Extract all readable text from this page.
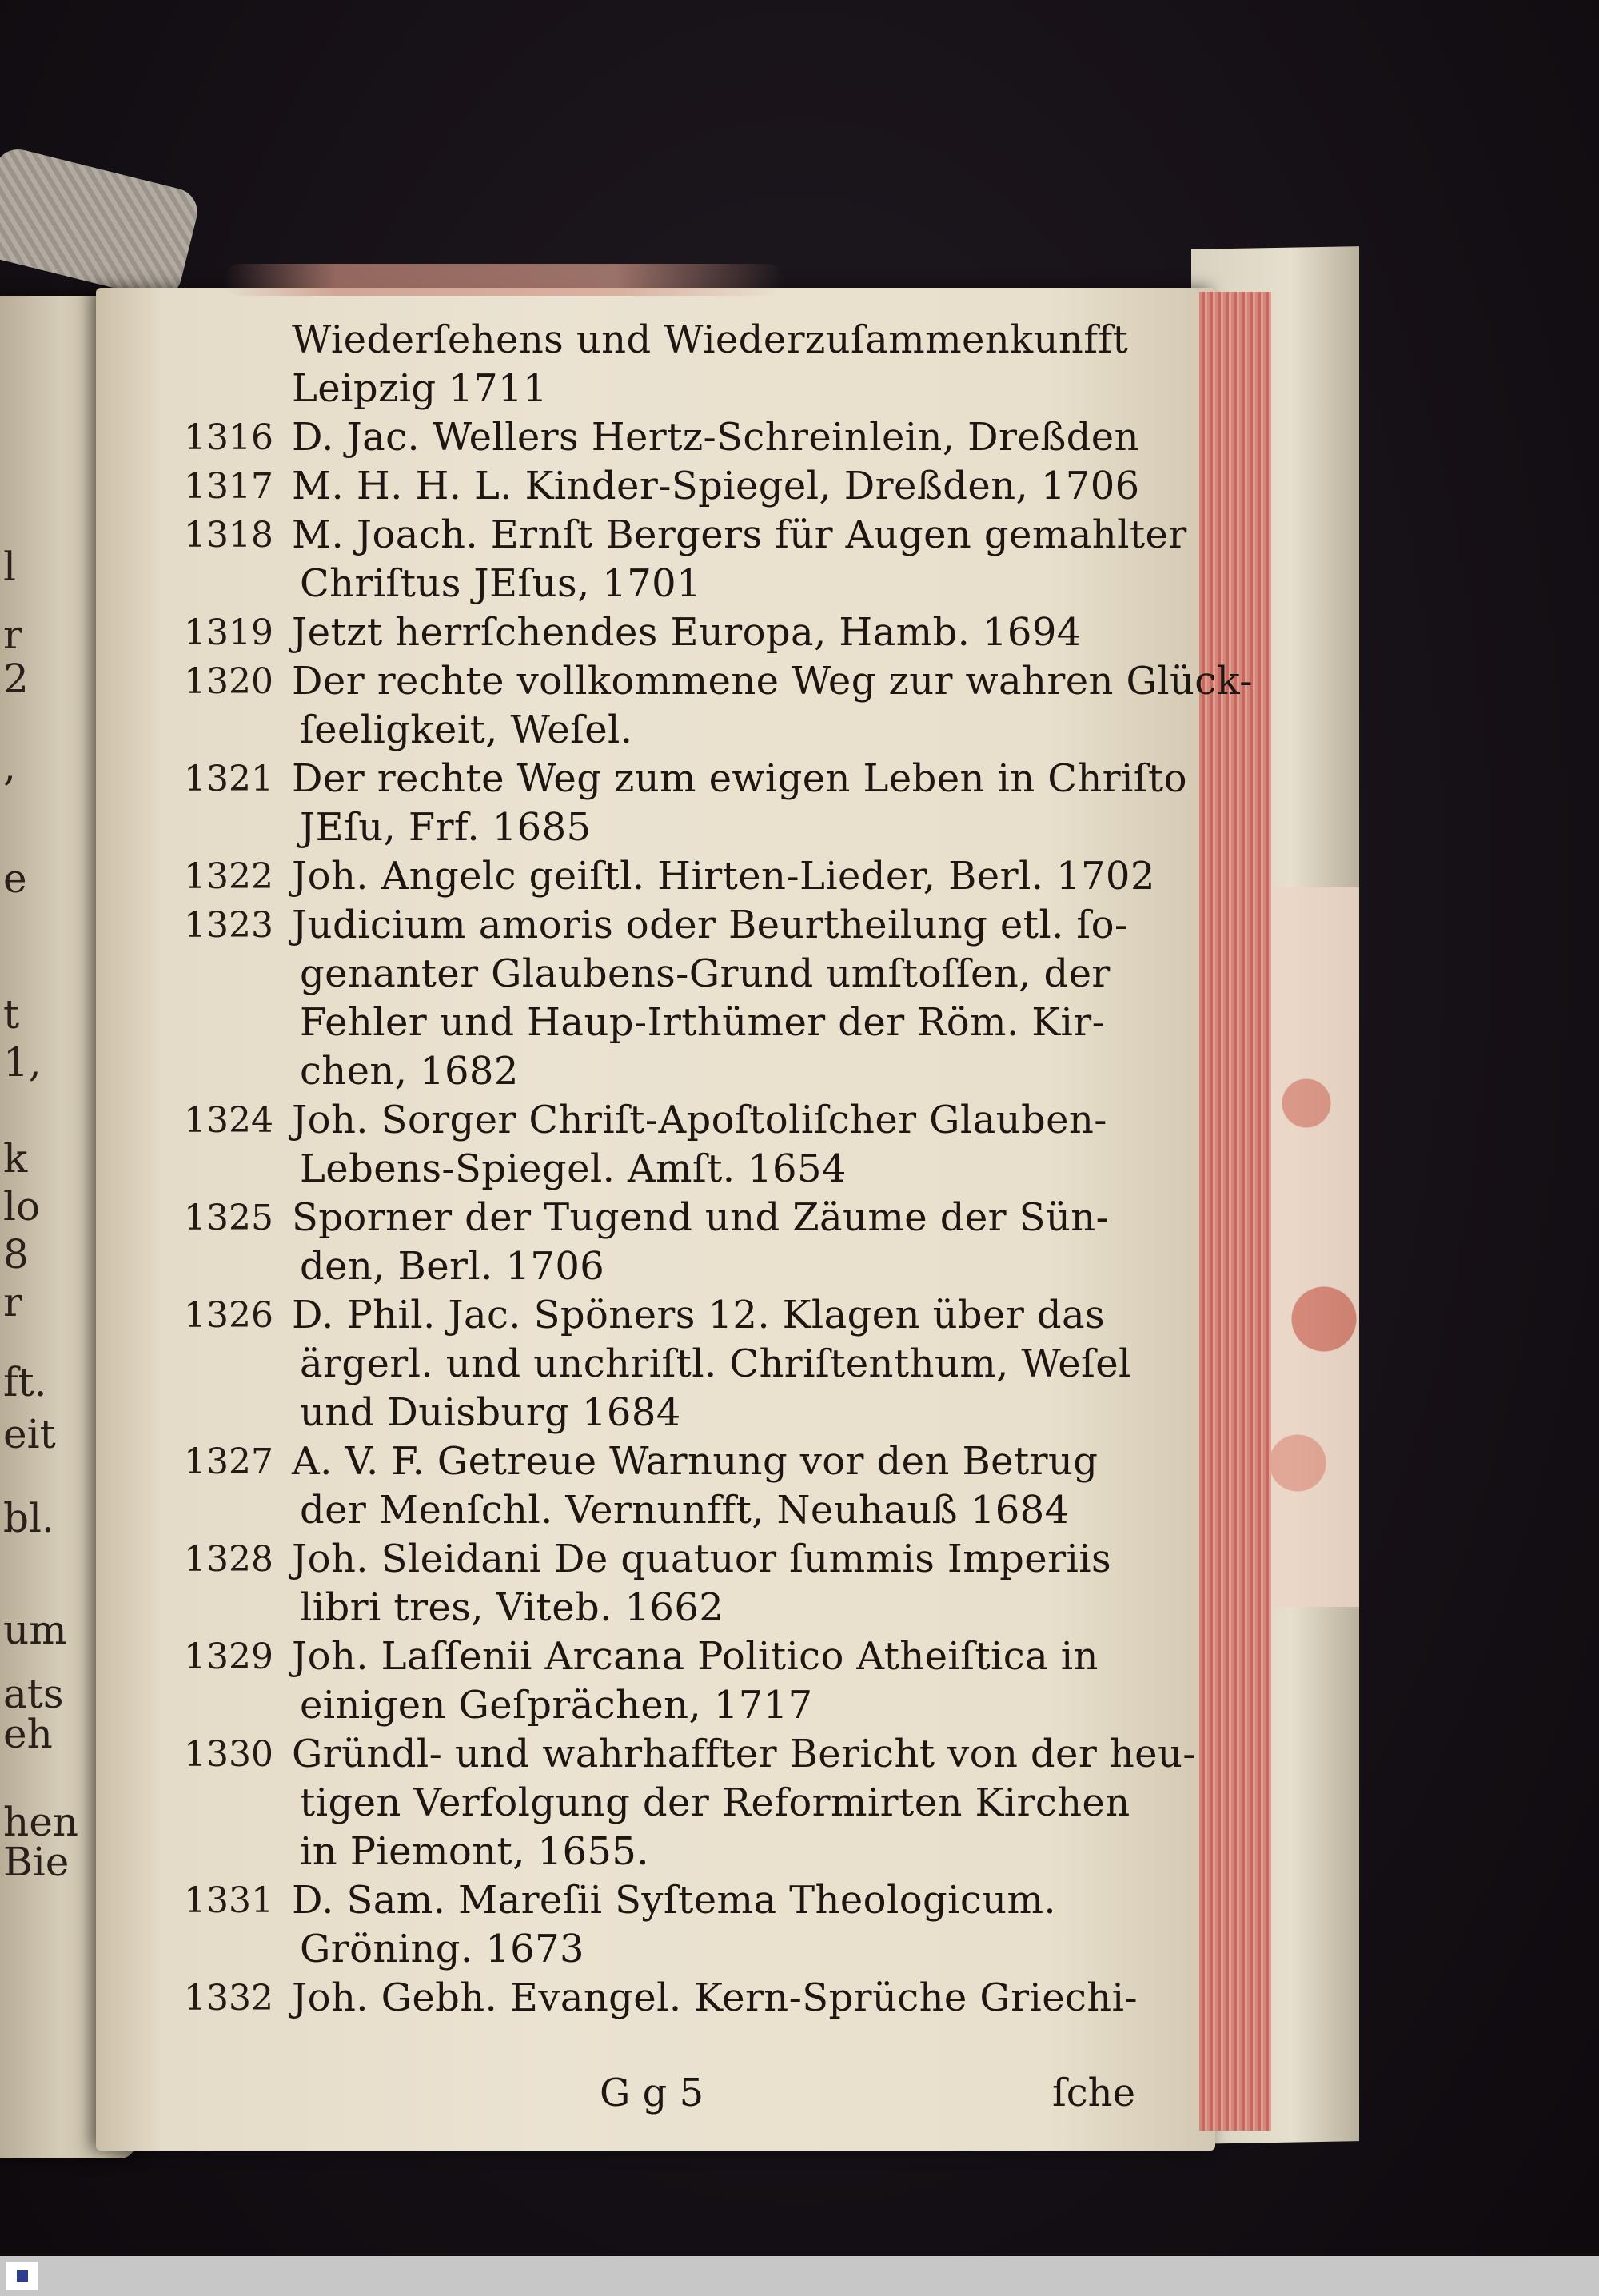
l
r
2
,
e
t
1,
k
lo
8
r
ft.
eit
bl.
um
ats
eh
hen
Bie
Wiederſehens und Wiederzuſammenkunfft
Leipzig 1711
1316 D. Jac. Wellers Hertz-Schreinlein, Dreßden
1317 M. H. H. L. Kinder-Spiegel, Dreßden, 1706
1318 M. Joach. Ernſt Bergers für Augen gemahlter
Chriſtus JEſus, 1701
1319 Jetzt herrſchendes Europa, Hamb. 1694
1320 Der rechte vollkommene Weg zur wahren Glück-
ſeeligkeit, Weſel.
1321 Der rechte Weg zum ewigen Leben in Chriſto
JEſu, Frf. 1685
1322 Joh. Angelc geiſtl. Hirten-Lieder, Berl. 1702
1323 Judicium amoris oder Beurtheilung etl. ſo-
genanter Glaubens-Grund umſtoſſen, der
Fehler und Haup-Irthümer der Röm. Kir-
chen, 1682
1324 Joh. Sorger Chriſt-Apoſtoliſcher Glauben-
Lebens-Spiegel. Amſt. 1654
1325 Sporner der Tugend und Zäume der Sün-
den, Berl. 1706
1326 D. Phil. Jac. Spöners 12. Klagen über das
ärgerl. und unchriſtl. Chriſtenthum, Weſel
und Duisburg 1684
1327 A. V. F. Getreue Warnung vor den Betrug
der Menſchl. Vernunfft, Neuhauß 1684
1328 Joh. Sleidani De quatuor ſummis Imperiis
libri tres, Viteb. 1662
1329 Joh. Laſſenii Arcana Politico Atheiſtica in
einigen Geſprächen, 1717
1330 Gründl- und wahrhaffter Bericht von der heu-
tigen Verfolgung der Reformirten Kirchen
in Piemont, 1655.
1331 D. Sam. Mareſii Syſtema Theologicum.
Gröning. 1673
1332 Joh. Gebh. Evangel. Kern-Sprüche Griechi-
G g 5	ſche
